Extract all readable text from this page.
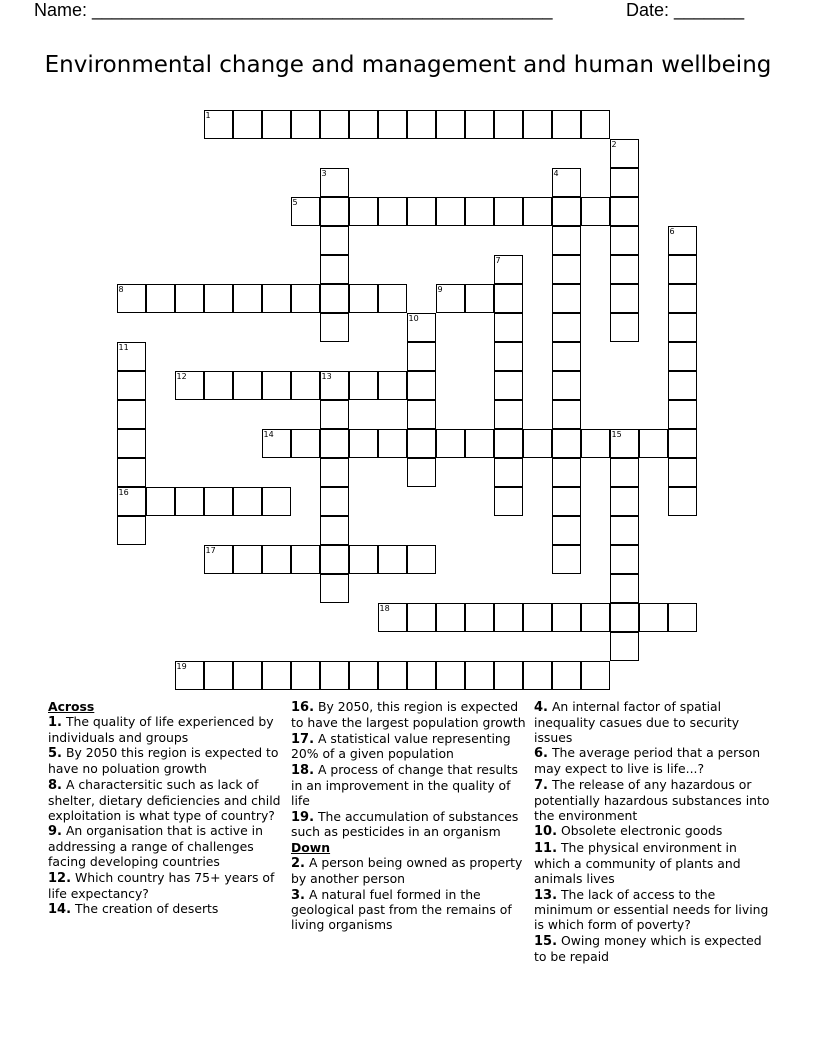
Name: ______________________________________________	Date: _______
Environmental change and management and human wellbeing
1
5
8	9
12	13
14	15
16
17
18
19
2
3	4
6
7
10
11
Across
1. The quality of life experienced by individuals and groups
5. By 2050 this region is expected to have no poluation growth
8. A charactersitic such as lack of shelter, dietary deficiencies and child exploitation is what type of country?
9. An organisation that is active in addressing a range of challenges facing developing countries
12. Which country has 75+ years of life expectancy?
14. The creation of deserts
16. By 2050, this region is expected to have the largest population growth
17. A statistical value representing 20% of a given population
18. A process of change that results in an improvement in the quality of life
19. The accumulation of substances such as pesticides in an organism
Down
2. A person being owned as property by another person
3. A natural fuel formed in the geological past from the remains of living organisms
4. An internal factor of spatial inequality casues due to security issues
6. The average period that a person may expect to live is life...?
7. The release of any hazardous or potentially hazardous substances into the environment
10. Obsolete electronic goods
11. The physical environment in which a community of plants and animals lives
13. The lack of access to the minimum or essential needs for living is which form of poverty?
15. Owing money which is expected to be repaid
